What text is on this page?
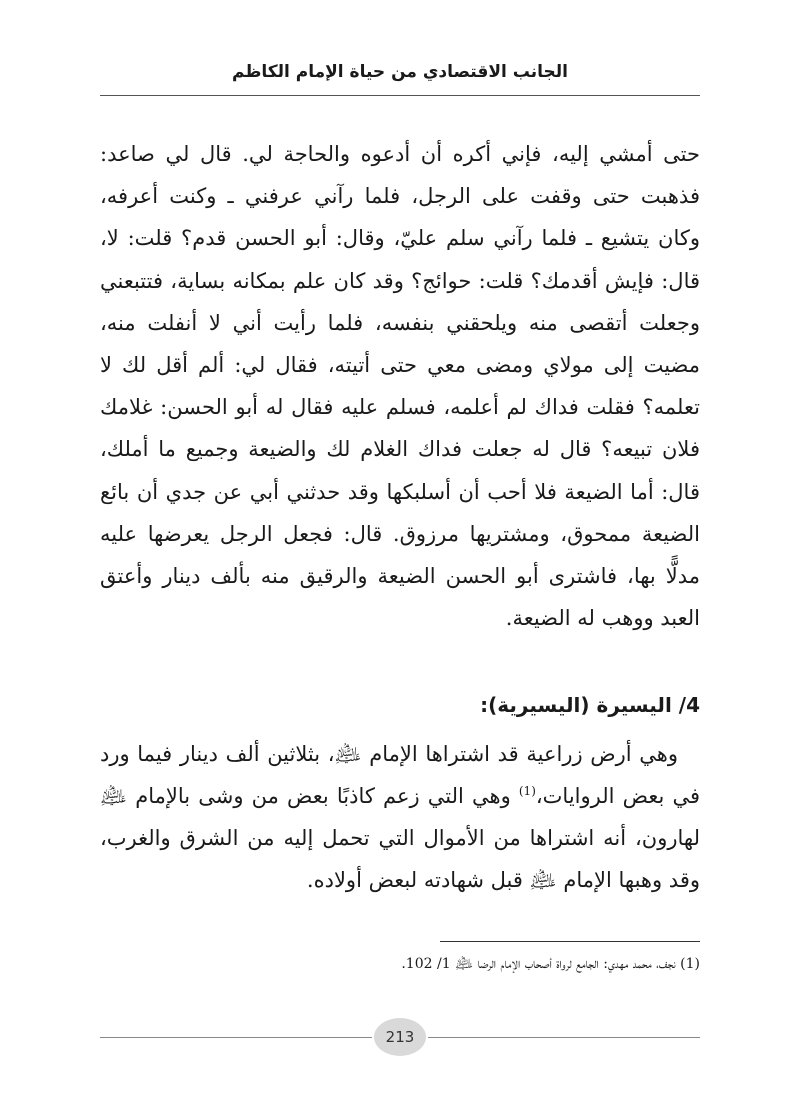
الجانب الاقتصادي من حياة الإمام الكاظم

حتى أمشي إليه، فإني أكره أن أدعوه والحاجة لي. قال لي صاعد: فذهبت حتى وقفت على الرجل، فلما رآني عرفني ـ وكنت أعرفه، وكان يتشيع ـ فلما رآني سلم عليّ، وقال: أبو الحسن قدم؟ قلت: لا، قال: فإيش أقدمك؟ قلت: حوائج؟ وقد كان علم بمكانه بساية، فتتبعني وجعلت أتقصى منه ويلحقني بنفسه، فلما رأيت أني لا أنفلت منه، مضيت إلى مولاي ومضى معي حتى أتيته، فقال لي: ألم أقل لك لا تعلمه؟ فقلت فداك لم أعلمه، فسلم عليه فقال له أبو الحسن: غلامك فلان تبيعه؟ قال له جعلت فداك الغلام لك والضيعة وجميع ما أملك، قال: أما الضيعة فلا أحب أن أسلبكها وقد حدثني أبي عن جدي أن بائع الضيعة ممحوق، ومشتريها مرزوق. قال: فجعل الرجل يعرضها عليه مدلًّا بها، فاشترى أبو الحسن الضيعة والرقيق منه بألف دينار وأعتق العبد ووهب له الضيعة.

4/ اليسيرة (اليسيرية):

وهي أرض زراعية قد اشتراها الإمام ﵇، بثلاثين ألف دينار فيما ورد في بعض الروايات،$^{(1)}$ وهي التي زعم كاذبًا بعض من وشى بالإمام ﵇ لهارون، أنه اشتراها من الأموال التي تحمل إليه من الشرق والغرب، وقد وهبها الإمام ﵇ قبل شهادته لبعض أولاده.

(1) نجف، محمد مهدي: الجامع لرواة أصحاب الإمام الرضا ﵇ 1/ 102.
213
